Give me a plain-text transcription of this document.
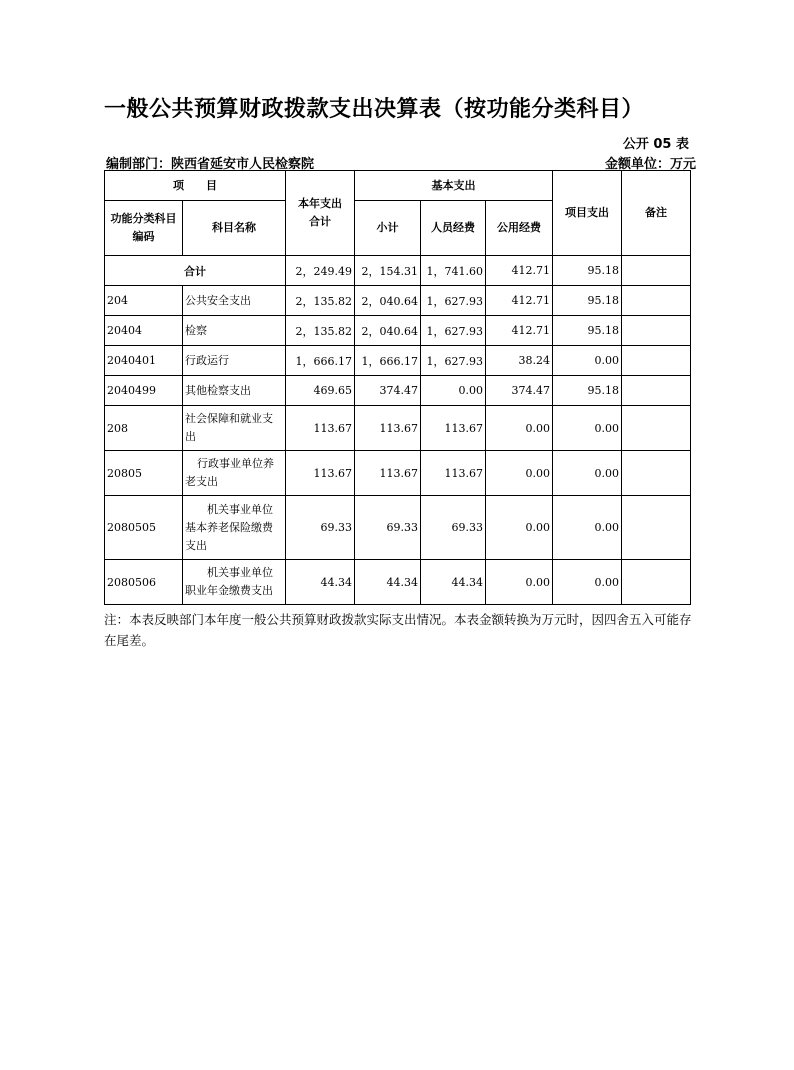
一般公共预算财政拨款支出决算表（按功能分类科目）
公开 05 表
编制部门：陕西省延安市人民检察院	金额单位：万元
项　　目		本年支出合计	基本支出			项目支出	备注

功能分类科目编码	科目名称		小计	人员经费	公用经费		
合计		2，249.49	2，154.31	1，741.60	412.71	95.18	
204	公共安全支出	2，135.82	2，040.64	1，627.93	412.71	95.18	
20404	检察	2，135.82	2，040.64	1，627.93	412.71	95.18	
2040401	行政运行	1，666.17	1，666.17	1，627.93	38.24	0.00	
2040499	其他检察支出	469.65	374.47	0.00	374.47	95.18	
208	社会保障和就业支出	113.67	113.67	113.67	0.00	0.00	
20805	行政事业单位养老支出	113.67	113.67	113.67	0.00	0.00	
2080505	机关事业单位基本养老保险缴费支出	69.33	69.33	69.33	0.00	0.00	
2080506	机关事业单位职业年金缴费支出	44.34	44.34	44.34	0.00	0.00	
注：本表反映部门本年度一般公共预算财政拨款实际支出情况。本表金额转换为万元时，因四舍五入可能存在尾差。
